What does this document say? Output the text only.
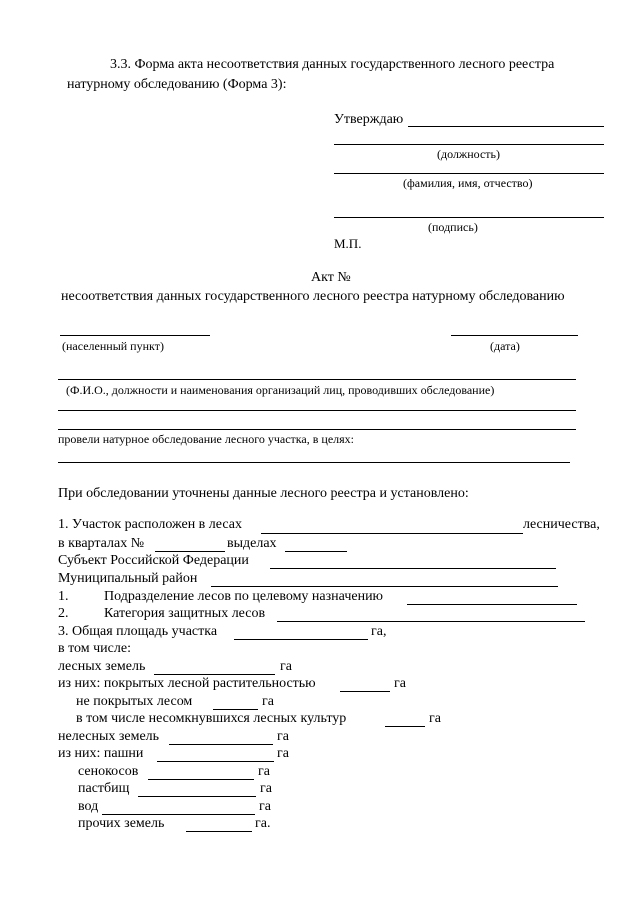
3.3. Форма акта несоответствия данных государственного лесного реестра
натурному обследованию (Форма 3):
Утверждаю
(должность)
(фамилия, имя, отчество)
(подпись)
М.П.
Акт №
несоответствия данных государственного лесного реестра натурному обследованию
(населенный пункт)	(дата)
(Ф.И.О., должности и наименования организаций лиц, проводивших обследование)
провели натурное обследование лесного участка, в целях:
При обследовании уточнены данные лесного реестра и установлено:
1. Участок расположен в лесах	лесничества,
в кварталах №	выделах
Субъект Российской Федерации
Муниципальный район
1.	Подразделение лесов по целевому назначению
2.	Категория защитных лесов
3. Общая площадь участка	га,
в том числе:
лесных земель	га
из них: покрытых лесной растительностью	га
не покрытых лесом	га
в том числе несомкнувшихся лесных культур	га
нелесных земель	га
из них: пашни	га
сенокосов	га
пастбищ	га
вод	га
прочих земель	га.
